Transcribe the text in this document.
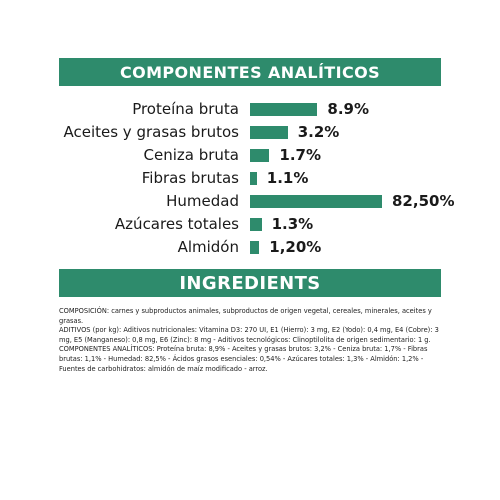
COMPONENTES ANALÍTICOS
Proteína bruta	8.9%
Aceites y grasas brutos	3.2%
Ceniza bruta	1.7%
Fibras brutas 1.1%
Humedad	82,50%
Azúcares totales 1.3%
Almidón 1,20%
INGREDIENTS

COMPOSICIÓN: carnes y subproductos animales, subproductos de origen vegetal, cereales, minerales, aceites y grasas.

ADITIVOS (por kg): Aditivos nutricionales: Vitamina D3: 270 UI, E1 (Hierro): 3 mg, E2 (Yodo): 0,4 mg, E4 (Cobre): 3 mg, E5 (Manganeso): 0,8 mg, E6 (Zinc): 8 mg - Aditivos tecnológicos: Clinoptilolita de origen sedimentario: 1 g.

COMPONENTES ANALÍTICOS: Proteína bruta: 8,9% - Aceites y grasas brutos: 3,2% - Ceniza bruta: 1,7% - Fibras brutas: 1,1% - Humedad: 82,5% - Ácidos grasos esenciales: 0,54% - Azúcares totales: 1,3% - Almidón: 1,2% - Fuentes de carbohidratos: almidón de maíz modificado - arroz.
